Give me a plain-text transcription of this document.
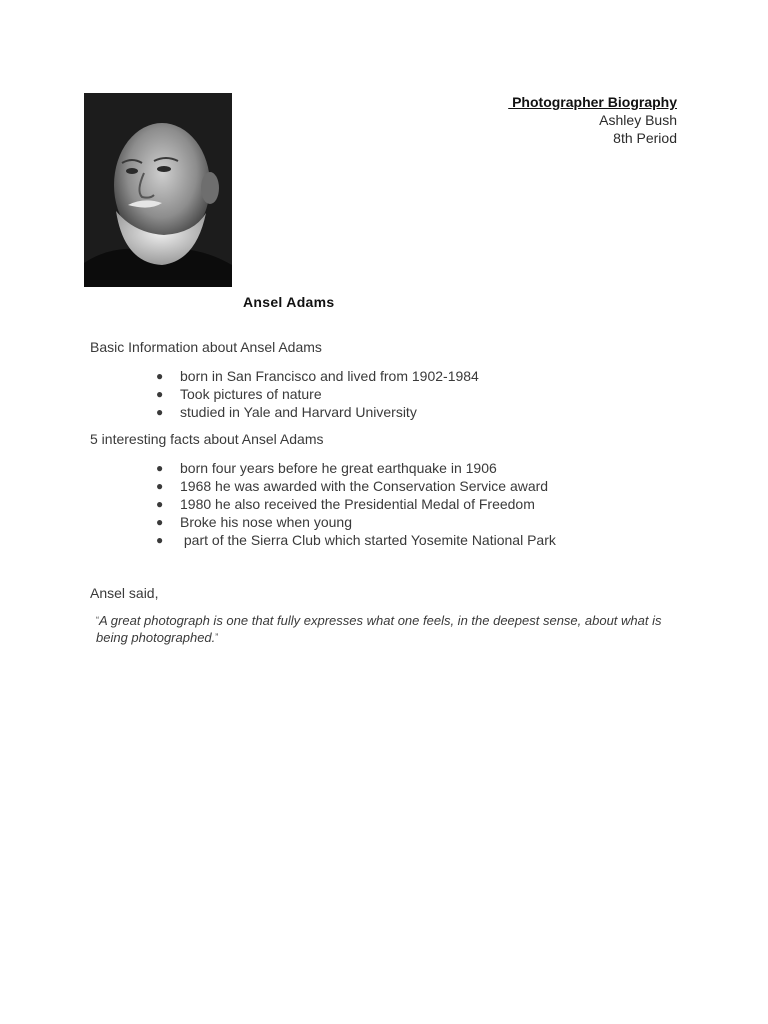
Photographer Biography
Ashley Bush
8th Period
Ansel Adams
Basic Information about Ansel Adams
●	born in San Francisco and lived from 1902-1984
●	Took pictures of nature
●	studied in Yale and Harvard University
5 interesting facts about Ansel Adams
●	born four years before he great earthquake in 1906
●	1968 he was awarded with the Conservation Service award
●	1980 he also received the Presidential Medal of Freedom
●	Broke his nose when young
●	part of the Sierra Club which started Yosemite National Park
Ansel said,
“A great photograph is one that fully expresses what one feels, in the deepest sense, about what is being photographed.”
